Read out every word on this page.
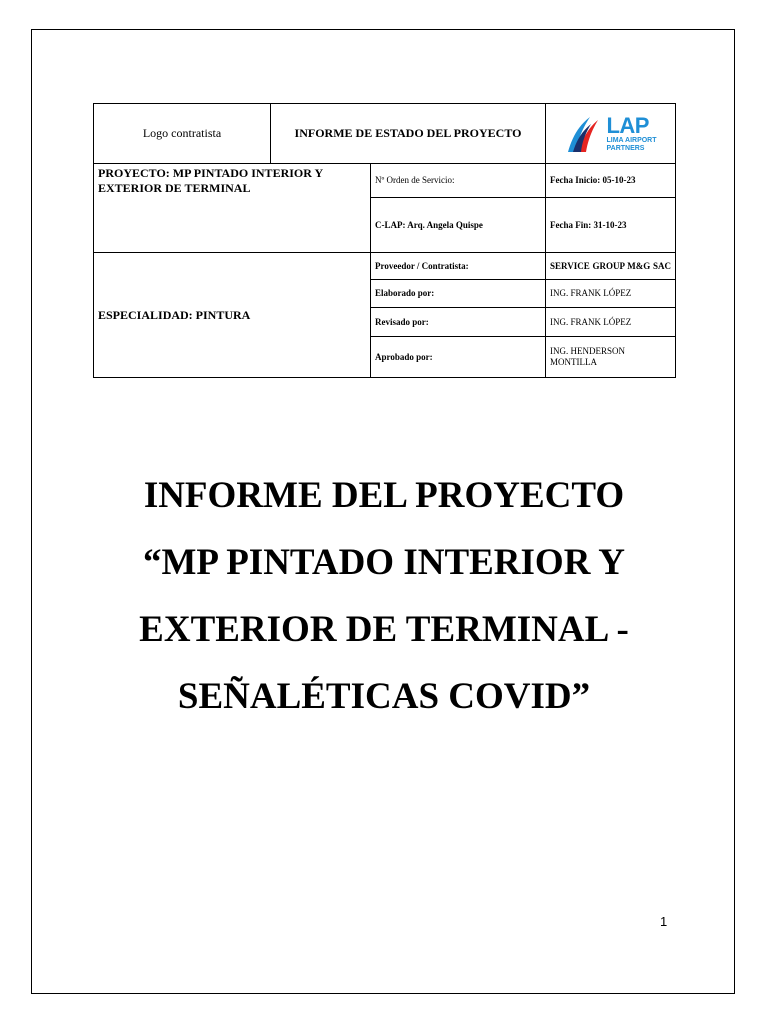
Logo contratista	INFORME DE ESTADO DEL PROYECTO		LAP
LIMA AIRPORT
PARTNERS

PROYECTO: MP PINTADO INTERIOR Y EXTERIOR DE TERMINAL		Nº Orden de Servicio:	Fecha Inicio: 05-10-23
		C-LAP: Arq. Angela Quispe	Fecha Fin: 31-10-23
ESPECIALIDAD: PINTURA		Proveedor / Contratista:	SERVICE GROUP M&G SAC
		Elaborado por:	ING. FRANK LÓPEZ
		Revisado por:	ING. FRANK LÓPEZ
		Aprobado por:	ING. HENDERSON MONTILLA
INFORME DEL PROYECTO
“MP PINTADO INTERIOR Y
EXTERIOR DE TERMINAL -
SEÑALÉTICAS COVID”
1
